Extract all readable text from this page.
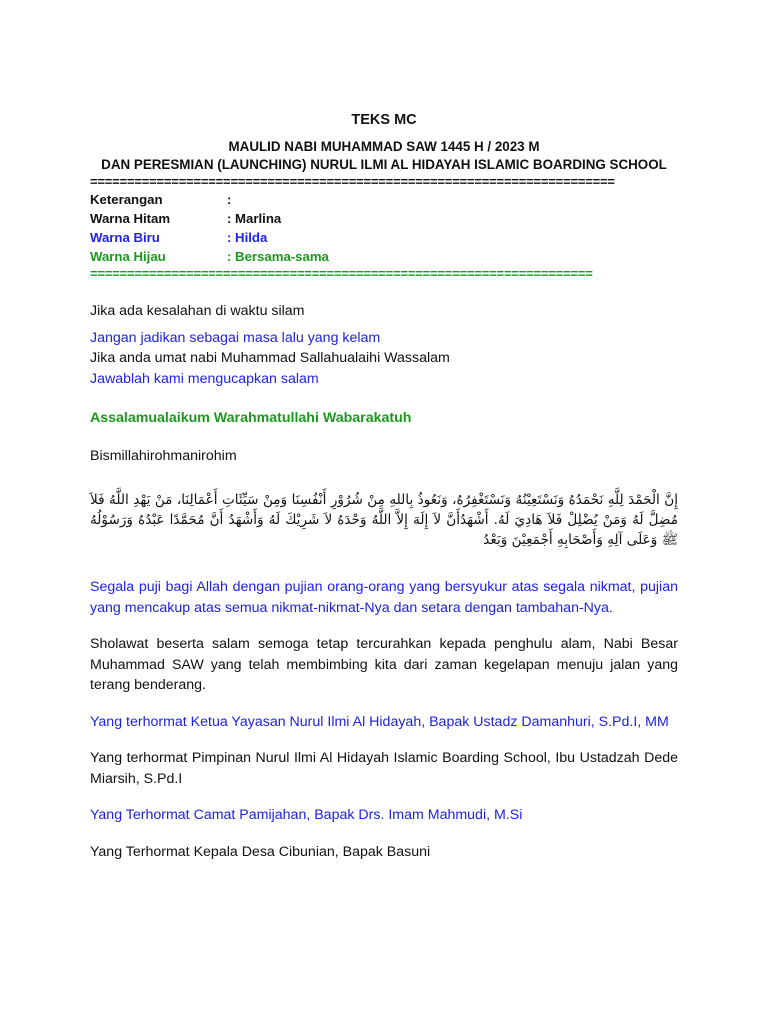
TEKS MC
MAULID NABI MUHAMMAD SAW 1445 H / 2023 M
DAN PERESMIAN (LAUNCHING) NURUL ILMI AL HIDAYAH ISLAMIC BOARDING SCHOOL
=======================================================================
Keterangan	:
Warna Hitam	: Marlina
Warna Biru	: Hilda
Warna Hijau	: Bersama-sama
====================================================================

Jika ada kesalahan di waktu silam

Jangan jadikan sebagai masa lalu yang kelam

Jika anda umat nabi Muhammad Sallahualaihi Wassalam

Jawablah kami mengucapkan salam

Assalamualaikum Warahmatullahi Wabarakatuh

Bismillahirohmanirohim

إِنَّ الْحَمْدَ لِلَّهِ نَحْمَدُهُ وَنَسْتَعِيْنُهُ وَنَسْتَغْفِرُهُ، وَنَعُوذُ بِاللهِ مِنْ شُرُوْرِ أَنْفُسِنَا وَمِنْ سَيِّئَاتِ أَعْمَالِنَا، مَنْ يَهْدِ اللَّهُ فَلاَ مُضِلَّ لَهُ وَمَنْ يُضْلِلْ فَلاَ هَادِيَ لَهُ. أَشْهَدُأَنَّ لاَ إِلَهَ إِلاَّ اللَّهُ وَحْدَهُ لاَ شَرِيْكَ لَهُ وَأَشْهَدُ أَنَّ مُحَمَّدًا عَبْدُهُ وَرَسُوْلُهُ ﷺ وَعَلَى آلِهِ وَأَصْحَابِهِ أَجْمَعِيْنَ وَبَعْدُ

Segala puji bagi Allah dengan pujian orang-orang yang bersyukur atas segala nikmat, pujian yang mencakup atas semua nikmat-nikmat-Nya dan setara dengan tambahan-Nya.

Sholawat beserta salam semoga tetap tercurahkan kepada penghulu alam, Nabi Besar Muhammad SAW yang telah membimbing kita dari zaman kegelapan menuju jalan yang terang benderang.

Yang terhormat Ketua Yayasan Nurul Ilmi Al Hidayah, Bapak Ustadz Damanhuri, S.Pd.I, MM

Yang terhormat Pimpinan Nurul Ilmi Al Hidayah Islamic Boarding School, Ibu Ustadzah Dede Miarsih, S.Pd.I

Yang Terhormat Camat Pamijahan, Bapak Drs. Imam Mahmudi, M.Si

Yang Terhormat Kepala Desa Cibunian, Bapak Basuni
